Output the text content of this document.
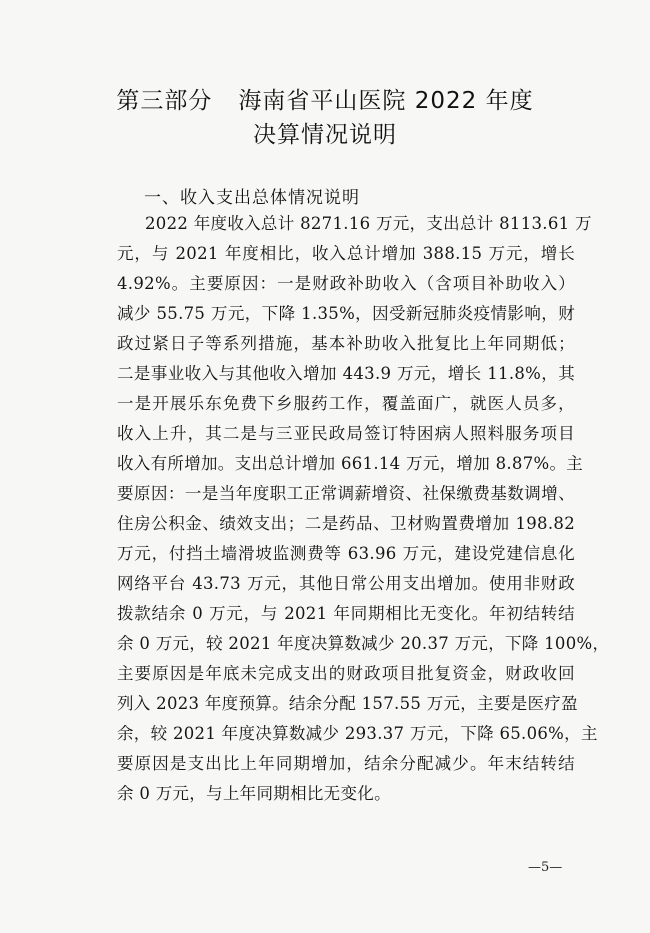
第三部分 海南省平山医院 2022 年度
决算情况说明
一、收入支出总体情况说明
2022 年度收入总计 8271.16 万元，支出总计 8113.61 万
元，与 2021 年度相比，收入总计增加 388.15 万元，增长
4.92%。主要原因：一是财政补助收入（含项目补助收入）
减少 55.75 万元，下降 1.35%，因受新冠肺炎疫情影响，财
政过紧日子等系列措施，基本补助收入批复比上年同期低；
二是事业收入与其他收入增加 443.9 万元，增长 11.8%，其
一是开展乐东免费下乡服药工作，覆盖面广，就医人员多，
收入上升，其二是与三亚民政局签订特困病人照料服务项目
收入有所增加。支出总计增加 661.14 万元，增加 8.87%。主
要原因：一是当年度职工正常调薪增资、社保缴费基数调增、
住房公积金、绩效支出；二是药品、卫材购置费增加 198.82
万元，付挡土墙滑坡监测费等 63.96 万元，建设党建信息化
网络平台 43.73 万元，其他日常公用支出增加。使用非财政
拨款结余 0 万元，与 2021 年同期相比无变化。年初结转结
余 0 万元，较 2021 年度决算数减少 20.37 万元，下降 100%，
主要原因是年底未完成支出的财政项目批复资金，财政收回
列入 2023 年度预算。结余分配 157.55 万元，主要是医疗盈
余，较 2021 年度决算数减少 293.37 万元，下降 65.06%，主
要原因是支出比上年同期增加，结余分配减少。年末结转结
余 0 万元，与上年同期相比无变化。
—5—
